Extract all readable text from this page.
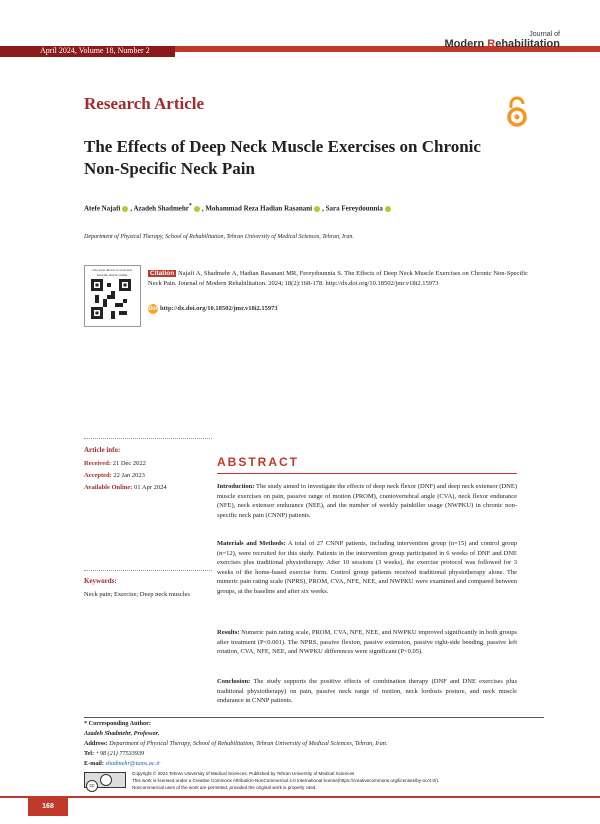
April 2024, Volume 18, Number 2
Journal of
Modern Rehabilitation
Research Article
The Effects of Deep Neck Muscle Exercises on Chronic Non-Specific Neck Pain
Atefe Najafi , Azadeh Shadmehr* , Mohammad Reza Hadian Rasanani , Sara Fereydounnia
Department of Physical Therapy, School of Rehabilitation, Tehran University of Medical Sciences, Tehran, Iran.
Use your device to scan and read the article online	Citation Najafi A, Shadmehr A, Hadian Rasanani MR, Fereydounnia S. The Effects of Deep Neck Muscle Exercises on Chronic Non-Specific Neck Pain. Journal of Modern Rehabilitation. 2024; 18(2):168-178. http://dx.doi.org/10.18502/jmr.v18i2.15973
doi http://dx.doi.org/10.18502/jmr.v18i2.15973
Article info:
Received: 21 Dec 2022
Accepted: 22 Jan 2023
Available Online: 01 Apr 2024
Keywords:
Neck pain; Exercise; Deep neck muscles
ABSTRACT
Introduction: The study aimed to investigate the effects of deep neck flexor (DNF) and deep neck extensor (DNE) muscle exercises on pain, passive range of motion (PROM), craniovertebral angle (CVA), neck flexor endurance (NFE), neck extensor endurance (NEE), and the number of weekly painkiller usage (NWPKU) in chronic non-specific neck pain (CNNP) patients.
Materials and Methods: A total of 27 CNNP patients, including intervention group (n=15) and control group (n=12), were recruited for this study. Patients in the intervention group participated in 6 weeks of DNF and DNE exercises plus traditional physiotherapy. After 10 sessions (3 weeks), the exercise protocol was followed for 3 weeks of the home-based exercise form. Control group patients received traditional physiotherapy alone. The numeric pain rating scale (NPRS), PROM, CVA, NFE, NEE, and NWPKU were examined and compared between groups, at the baseline and after six weeks.
Results: Numeric pain rating scale, PROM, CVA, NFE, NEE, and NWPKU improved significantly in both groups after treatment (P<0.001). The NPRS, passive flexion, passive extension, passive right-side bending, passive left rotation, CVA, NFE, NEE, and NWPKU differences were significant (P<0.05).
Conclusion: The study supports the positive effects of combination therapy (DNF and DNE exercises plus traditional physiotherapy) on pain, passive neck range of motion, neck lordosis posture, and neck muscle endurance in CNNP patients.
* Corresponding Author:
Azadeh Shadmehr, Professor.
Address: Department of Physical Therapy, School of Rehabilitation, Tehran University of Medical Sciences, Tehran, Iran.
Tel: +98 (21) 77533939
E-mail: shadmehr@tums.ac.ir
cc
Copyright © 2024 Tehran University of Medical Sciences. Published by Tehran University of Medical Sciences
This work is licensed under a Creative Commons Attribution-NonCommercial 4.0 International license(https://creativecommons.org/licenses/by-nc/4.0/).
Noncommercial uses of the work are permitted, provided the original work is properly cited.
168
